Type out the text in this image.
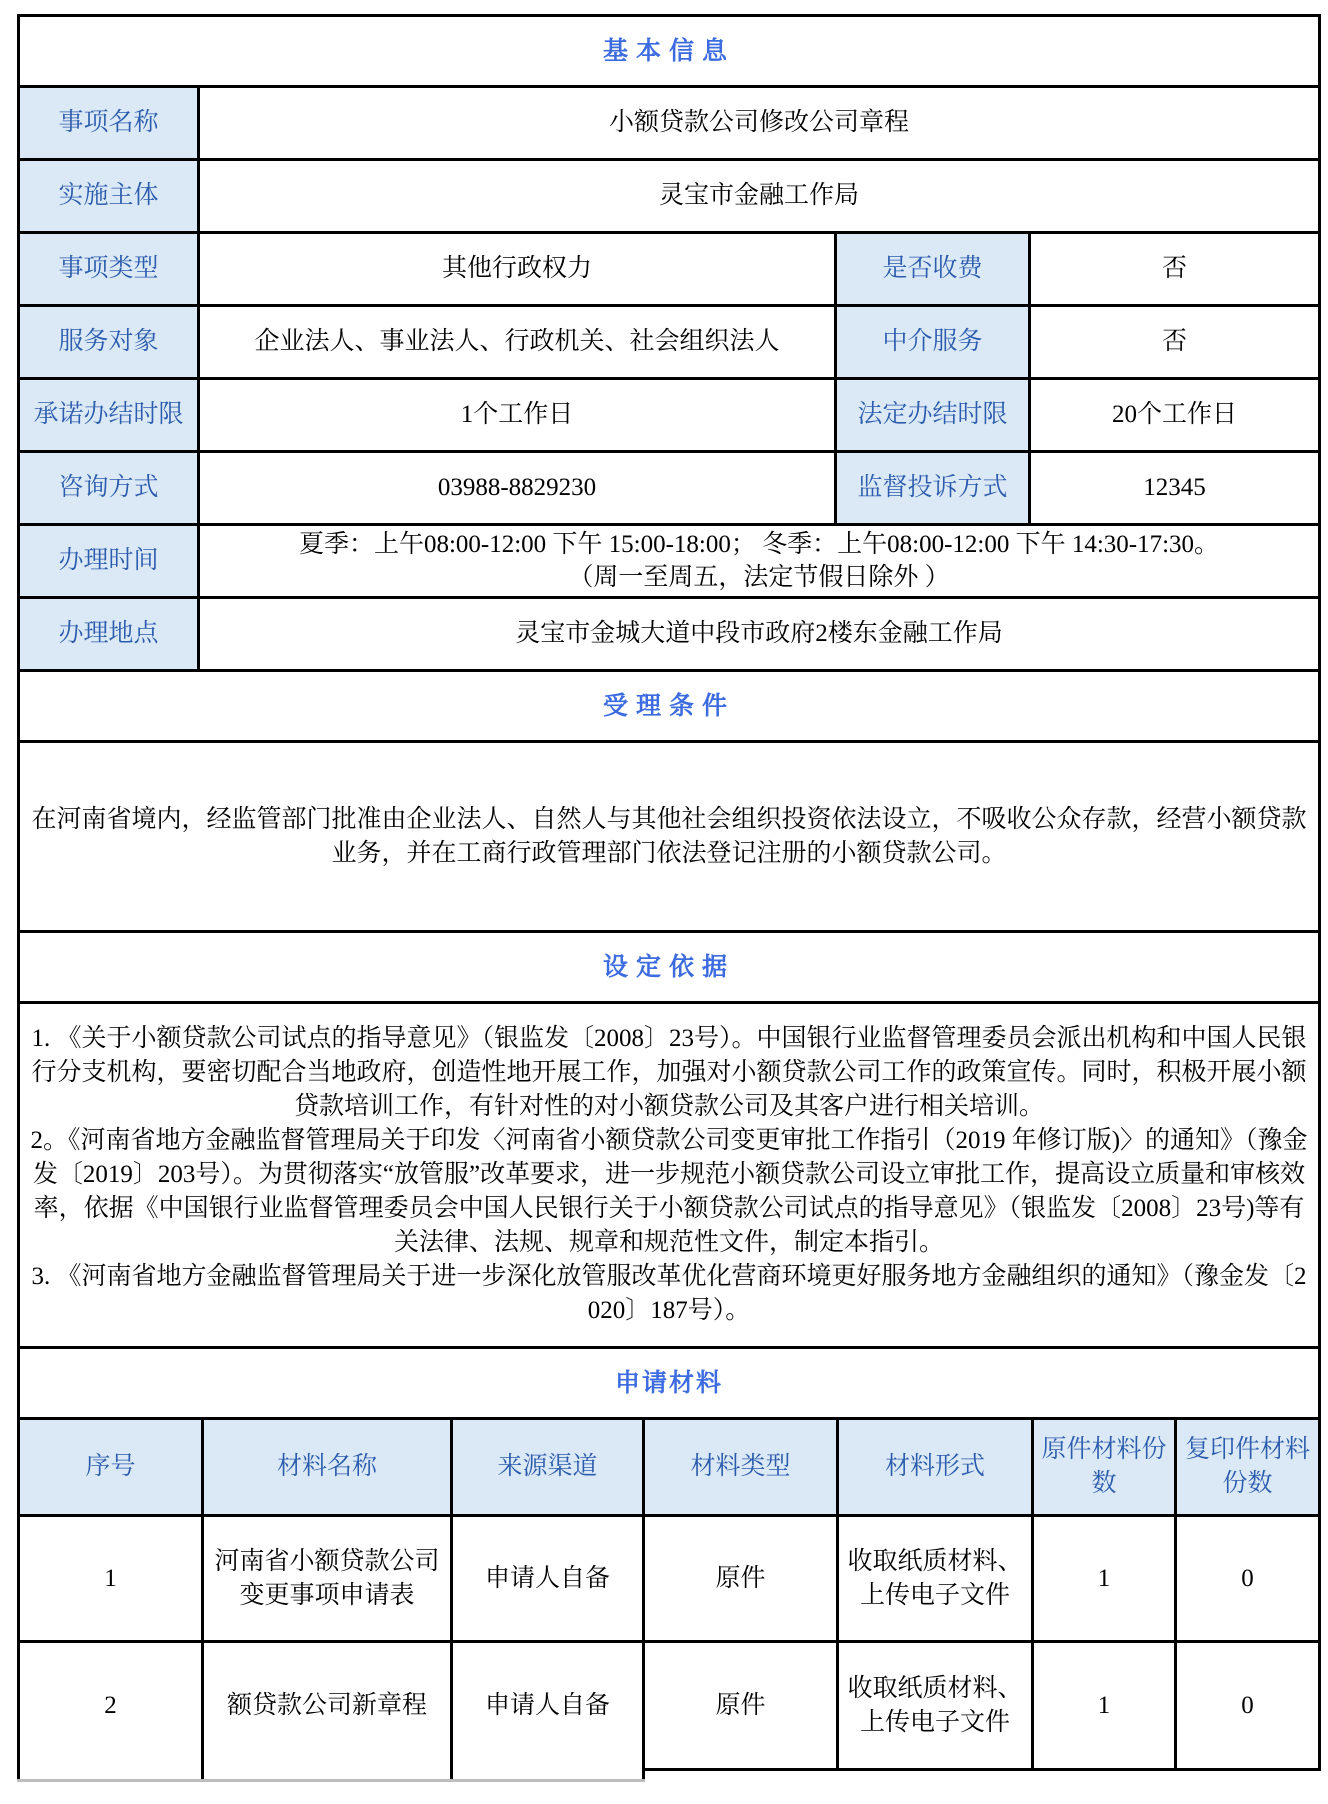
基本信息			
事项名称	小额贷款公司修改公司章程		
实施主体	灵宝市金融工作局		
事项类型	其他行政权力	是否收费	否
服务对象	企业法人、事业法人、行政机关、社会组织法人	中介服务	否
承诺办结时限	1个工作日	法定办结时限	20个工作日
咨询方式	03988-8829230	监督投诉方式	12345
办理时间	夏季：上午08:00-12:00 下午 15:00-18:00； 冬季：上午08:00-12:00 下午 14:30-17:30。
（周一至周五，法定节假日除外 ）		

办理地点	灵宝市金城大道中段市政府2楼东金融工作局		
受理条件
在河南省境内，经监管部门批准由企业法人、自然人与其他社会组织投资依法设立，不吸收公众存款，经营小额贷款业务，并在工商行政管理部门依法登记注册的小额贷款公司。
设定依据

1. 《关于小额贷款公司试点的指导意见》（银监发〔2008〕23号）。中国银行业监督管理委员会派出机构和中国人民银行分支机构，要密切配合当地政府，创造性地开展工作，加强对小额贷款公司工作的政策宣传。同时，积极开展小额贷款培训工作，有针对性的对小额贷款公司及其客户进行相关培训。
2。《河南省地方金融监督管理局关于印发〈河南省小额贷款公司变更审批工作指引（2019 年修订版)〉的通知》（豫金发〔2019〕203号）。为贯彻落实“放管服”改革要求，进一步规范小额贷款公司设立审批工作，提高设立质量和审核效率，依据《中国银行业监督管理委员会中国人民银行关于小额贷款公司试点的指导意见》（银监发〔2008〕23号)等有关法律、法规、规章和规范性文件，制定本指引。
3. 《河南省地方金融监督管理局关于进一步深化放管服改革优化营商环境更好服务地方金融组织的通知》（豫金发〔2020〕187号）。
申请材料						
序号	材料名称	来源渠道	材料类型	材料形式	原件材料份数	复印件材料份数
1	河南省小额贷款公司变更事项申请表	申请人自备	原件	收取纸质材料、上传电子文件	1	0
2	额贷款公司新章程	申请人自备	原件	收取纸质材料、上传电子文件	1	0
